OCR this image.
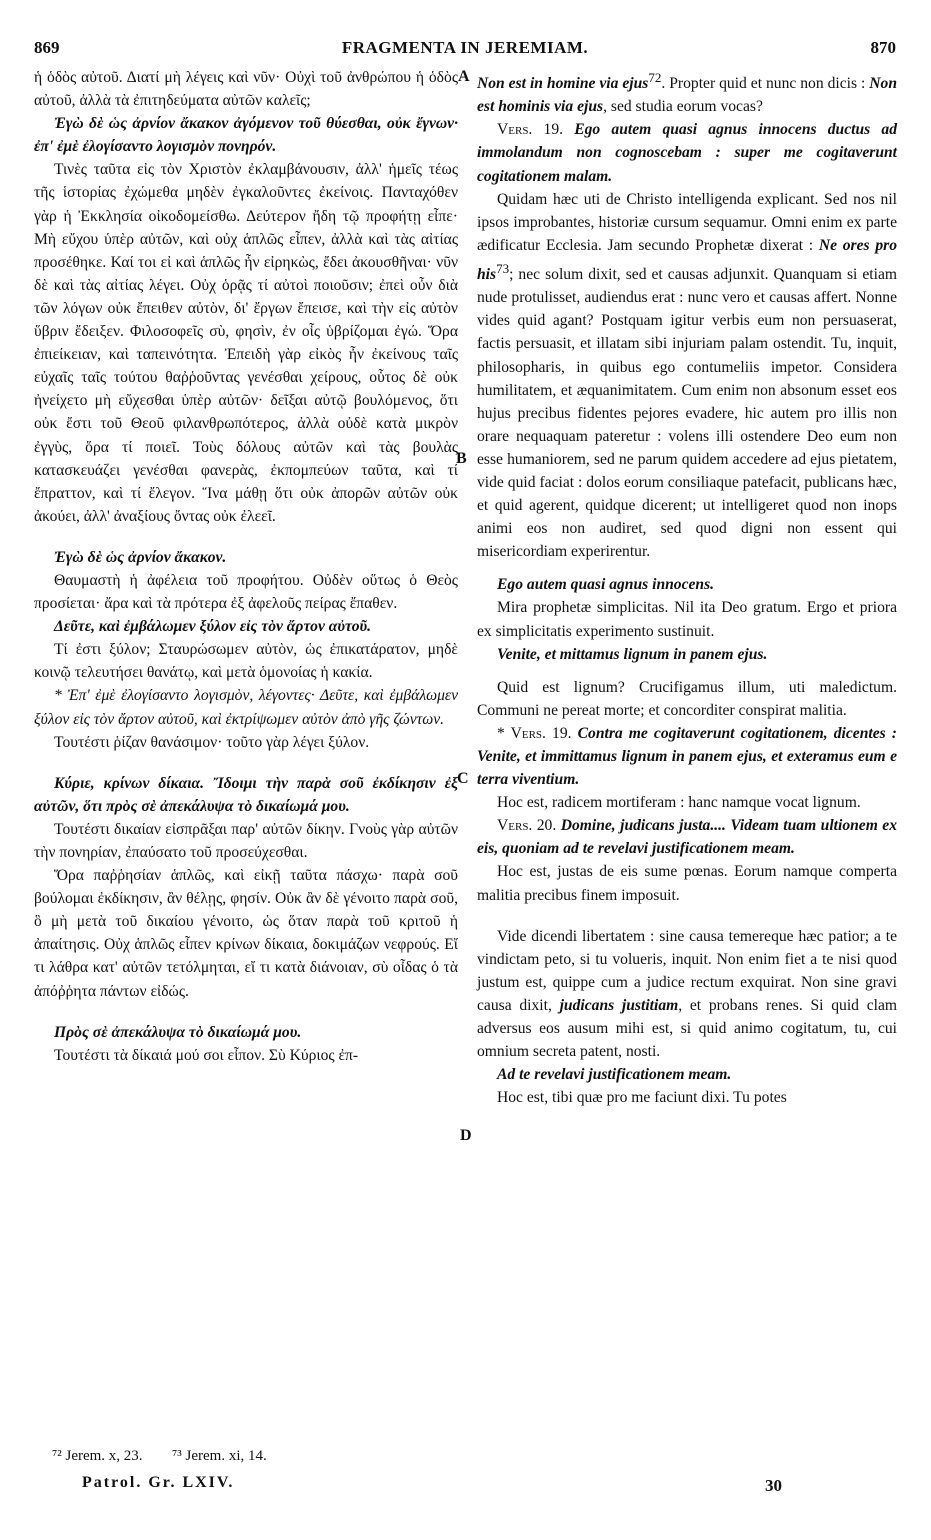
869	FRAGMENTA IN JEREMIAM.	870
A
B
C
D

ἡ ὁδὸς αὐτοῦ. Διατί μὴ λέγεις καὶ νῦν· Οὐχὶ τοῦ ἀνθρώπου ἡ ὁδὸς αὐτοῦ, ἀλλὰ τὰ ἐπιτηδεύματα αὐτῶν καλεῖς;

Ἐγὼ δὲ ὡς ἀρνίον ἄκακον ἀγόμενον τοῦ θύεσθαι, οὐκ ἔγνων· ἐπ' ἐμὲ ἐλογίσαντο λογισμὸν πονηρόν.

Τινὲς ταῦτα εἰς τὸν Χριστὸν ἐκλαμβάνουσιν, ἀλλ' ἡμεῖς τέως τῆς ἱστορίας ἐχώμεθα μηδὲν ἐγκαλοῦντες ἐκείνοις. Πανταχόθεν γὰρ ἡ Ἐκκλησία οἰκοδομείσθω. Δεύτερον ἤδη τῷ προφήτῃ εἶπε· Μὴ εὔχου ὑπὲρ αὐτῶν, καὶ οὐχ ἁπλῶς εἶπεν, ἀλλὰ καὶ τὰς αἰτίας προσέθηκε. Καί τοι εἰ καὶ ἁπλῶς ἦν εἰρηκὼς, ἔδει ἀκουσθῆναι· νῦν δὲ καὶ τὰς αἰτίας λέγει. Οὐχ ὁρᾷς τί αὐτοὶ ποιοῦσιν; ἐπεὶ οὖν διὰ τῶν λόγων οὐκ ἔπειθεν αὐτὸν, δι' ἔργων ἔπεισε, καὶ τὴν εἰς αὐτὸν ὕβριν ἔδειξεν. Φιλοσοφεῖς σὺ, φησὶν, ἐν οἷς ὑβρίζομαι ἐγώ. Ὅρα ἐπιείκειαν, καὶ ταπεινότητα. Ἐπειδὴ γὰρ εἰκὸς ἦν ἐκείνους ταῖς εὐχαῖς ταῖς τούτου θαῤῥοῦντας γενέσθαι χείρους, οὗτος δὲ οὐκ ἠνείχετο μὴ εὔχεσθαι ὑπὲρ αὐτῶν· δεῖξαι αὐτῷ βουλόμενος, ὅτι οὐκ ἔστι τοῦ Θεοῦ φιλανθρωπότερος, ἀλλὰ οὐδὲ κατὰ μικρὸν ἐγγὺς, ὅρα τί ποιεῖ. Τοὺς δόλους αὐτῶν καὶ τὰς βουλὰς κατασκευάζει γενέσθαι φανερὰς, ἐκπομπεύων ταῦτα, καὶ τί ἔπραττον, καὶ τί ἔλεγον. Ἵνα μάθῃ ὅτι οὐκ ἀπορῶν αὐτῶν οὐκ ἀκούει, ἀλλ' ἀναξίους ὄντας οὐκ ἐλεεῖ.

Ἐγὼ δὲ ὡς ἀρνίον ἄκακον.

Θαυμαστὴ ἡ ἀφέλεια τοῦ προφήτου. Οὐδὲν οὕτως ὁ Θεὸς προσίεται· ἄρα καὶ τὰ πρότερα ἐξ ἀφελοῦς πείρας ἔπαθεν.

Δεῦτε, καὶ ἐμβάλωμεν ξύλον εἰς τὸν ἄρτον αὐτοῦ.

Τί ἐστι ξύλον; Σταυρώσωμεν αὐτὸν, ὡς ἐπικατάρατον, μηδὲ κοινῷ τελευτήσει θανάτῳ, καὶ μετὰ ὁμονοίας ἡ κακία.

* Ἐπ' ἐμὲ ἐλογίσαντο λογισμὸν, λέγοντες· Δεῦτε, καὶ ἐμβάλωμεν ξύλον εἰς τὸν ἄρτον αὐτοῦ, καὶ ἐκτρίψωμεν αὐτὸν ἀπὸ γῆς ζώντων.

Τουτέστι ῥίζαν θανάσιμον· τοῦτο γὰρ λέγει ξύλον.

Κύριε, κρίνων δίκαια. Ἴδοιμι τὴν παρὰ σοῦ ἐκδίκησιν ἐξ αὐτῶν, ὅτι πρὸς σὲ ἀπεκάλυψα τὸ δικαίωμά μου.

Τουτέστι δικαίαν εἰσπρᾶξαι παρ' αὐτῶν δίκην. Γνοὺς γὰρ αὐτῶν τὴν πονηρίαν, ἐπαύσατο τοῦ προσεύχεσθαι.

Ὅρα παῤῥησίαν ἁπλῶς, καὶ εἰκῇ ταῦτα πάσχω· παρὰ σοῦ βούλομαι ἐκδίκησιν, ἂν θέλῃς, φησίν. Οὐκ ἂν δὲ γένοιτο παρὰ σοῦ, ὃ μὴ μετὰ τοῦ δικαίου γένοιτο, ὡς ὅταν παρὰ τοῦ κριτοῦ ἡ ἀπαίτησις. Οὐχ ἁπλῶς εἶπεν κρίνων δίκαια, δοκιμάζων νεφρούς. Εἴ τι λάθρα κατ' αὐτῶν τετόλμηται, εἴ τι κατὰ διάνοιαν, σὺ οἶδας ὁ τὰ ἀπόῤῥητα πάντων εἰδώς.

Πρὸς σὲ ἀπεκάλυψα τὸ δικαίωμά μου.

Τουτέστι τὰ δίκαιά μού σοι εἶπον. Σὺ Κύριος ἐπ-

Non est in homine via ejus$^{72}$. Propter quid et nunc non dicis : Non est hominis via ejus, sed studia eorum vocas?

Vers. 19. Ego autem quasi agnus innocens ductus ad immolandum non cognoscebam : super me cogitaverunt cogitationem malam.

Quidam hæc uti de Christo intelligenda explicant. Sed nos nil ipsos improbantes, historiæ cursum sequamur. Omni enim ex parte ædificatur Ecclesia. Jam secundo Prophetæ dixerat : Ne ores pro his$^{73}$; nec solum dixit, sed et causas adjunxit. Quanquam si etiam nude protulisset, audiendus erat : nunc vero et causas affert. Nonne vides quid agant? Postquam igitur verbis eum non persuaserat, factis persuasit, et illatam sibi injuriam palam ostendit. Tu, inquit, philosopharis, in quibus ego contumeliis impetor. Considera humilitatem, et æquanimitatem. Cum enim non absonum esset eos hujus precibus fidentes pejores evadere, hic autem pro illis non orare nequaquam pateretur : volens illi ostendere Deo eum non esse humaniorem, sed ne parum quidem accedere ad ejus pietatem, vide quid faciat : dolos eorum consiliaque patefacit, publicans hæc, et quid agerent, quidque dicerent; ut intelligeret quod non inops animi eos non audiret, sed quod digni non essent qui misericordiam experirentur.

Ego autem quasi agnus innocens.

Mira prophetæ simplicitas. Nil ita Deo gratum. Ergo et priora ex simplicitatis experimento sustinuit.

Venite, et mittamus lignum in panem ejus.

Quid est lignum? Crucifigamus illum, uti maledictum. Communi ne pereat morte; et concorditer conspirat malitia.

* Vers. 19. Contra me cogitaverunt cogitationem, dicentes : Venite, et immittamus lignum in panem ejus, et exteramus eum e terra viventium.

Hoc est, radicem mortiferam : hanc namque vocat lignum.

Vers. 20. Domine, judicans justa.... Videam tuam ultionem ex eis, quoniam ad te revelavi justificationem meam.

Hoc est, justas de eis sume pœnas. Eorum namque comperta malitia precibus finem imposuit.

Vide dicendi libertatem : sine causa temereque hæc patior; a te vindictam peto, si tu volueris, inquit. Non enim fiet a te nisi quod justum est, quippe cum a judice rectum exquirat. Non sine gravi causa dixit, judicans justitiam, et probans renes. Si quid clam adversus eos ausum mihi est, si quid animo cogitatum, tu, cui omnium secreta patent, nosti.

Ad te revelavi justificationem meam.

Hoc est, tibi quæ pro me faciunt dixi. Tu potes

⁷² Jerem. x, 23. ⁷³ Jerem. xi, 14.
Patrol. Gr. LXIV.	30
